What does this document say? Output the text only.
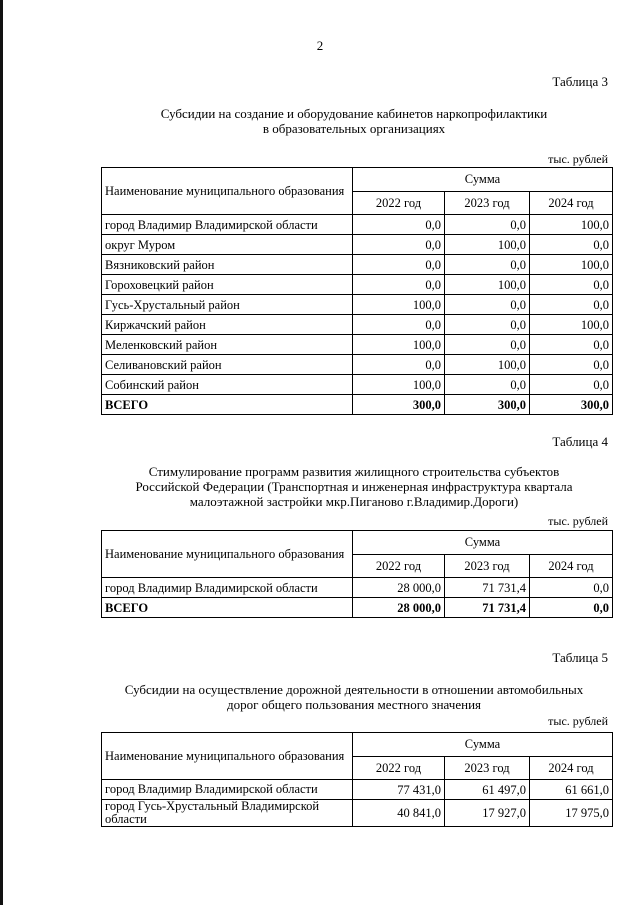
2
Таблица 3
Субсидии на создание и оборудование кабинетов наркопрофилактики
в образовательных организациях
тыс. рублей
Наименование муниципального образования	Сумма		
	2022 год	2023 год	2024 год
город Владимир Владимирской области	0,0	0,0	100,0
округ Муром	0,0	100,0	0,0
Вязниковский район	0,0	0,0	100,0
Гороховецкий район	0,0	100,0	0,0
Гусь-Хрустальный район	100,0	0,0	0,0
Киржачский район	0,0	0,0	100,0
Меленковский район	100,0	0,0	0,0
Селивановский район	0,0	100,0	0,0
Собинский район	100,0	0,0	0,0
ВСЕГО	300,0	300,0	300,0
Таблица 4
Стимулирование программ развития жилищного строительства субъектов
Российской Федерации (Транспортная и инженерная инфраструктура квартала
малоэтажной застройки мкр.Пиганово г.Владимир.Дороги)
тыс. рублей
Наименование муниципального образования	Сумма		
	2022 год	2023 год	2024 год
город Владимир Владимирской области	28 000,0	71 731,4	0,0
ВСЕГО	28 000,0	71 731,4	0,0
Таблица 5
Субсидии на осуществление дорожной деятельности в отношении автомобильных
дорог общего пользования местного значения
тыс. рублей
Наименование муниципального образования	Сумма		
	2022 год	2023 год	2024 год
город Владимир Владимирской области	77 431,0	61 497,0	61 661,0
город Гусь-Хрустальный Владимирской области	40 841,0	17 927,0	17 975,0
